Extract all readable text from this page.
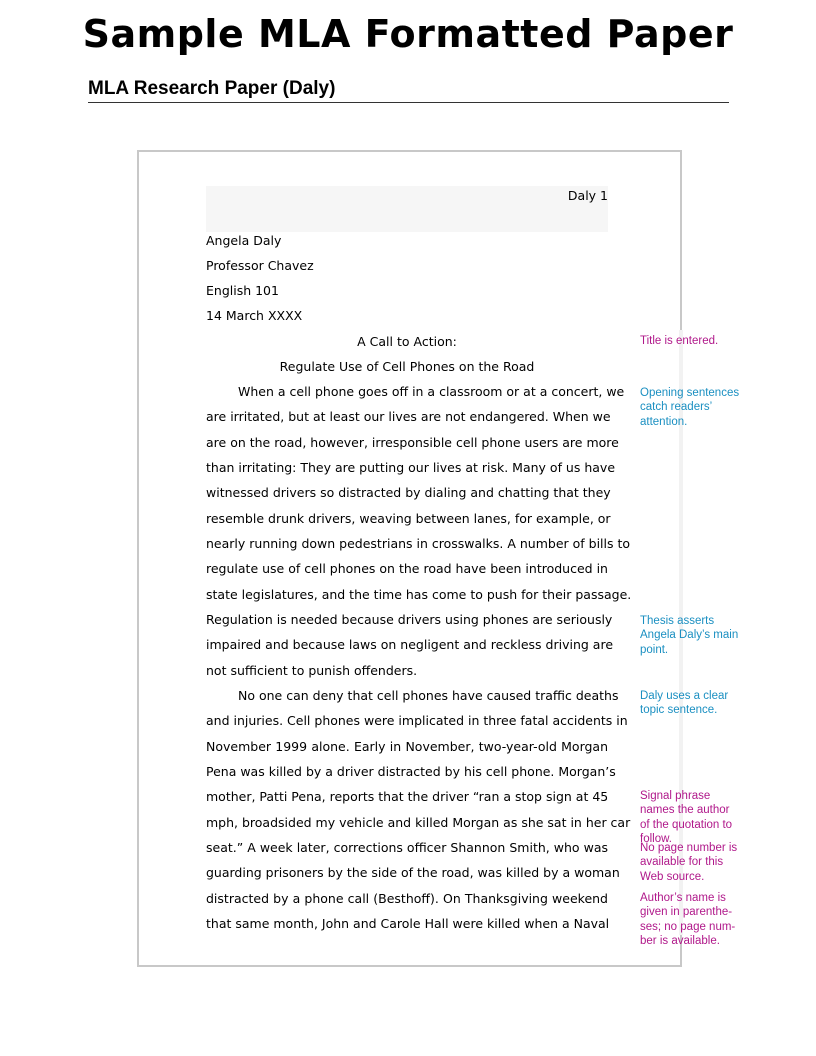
Sample MLA Formatted Paper
MLA Research Paper (Daly)
Daly 1
Angela Daly
Professor Chavez
English 101
14 March XXXX
A Call to Action:
Regulate Use of Cell Phones on the Road
When a cell phone goes off in a classroom or at a concert, we
are irritated, but at least our lives are not endangered. When we
are on the road, however, irresponsible cell phone users are more
than irritating: They are putting our lives at risk. Many of us have
witnessed drivers so distracted by dialing and chatting that they
resemble drunk drivers, weaving between lanes, for example, or
nearly running down pedestrians in crosswalks. A number of bills to
regulate use of cell phones on the road have been introduced in
state legislatures, and the time has come to push for their passage.
Regulation is needed because drivers using phones are seriously
impaired and because laws on negligent and reckless driving are
not sufficient to punish offenders.
No one can deny that cell phones have caused traffic deaths
and injuries. Cell phones were implicated in three fatal accidents in
November 1999 alone. Early in November, two-year-old Morgan
Pena was killed by a driver distracted by his cell phone. Morgan’s
mother, Patti Pena, reports that the driver “ran a stop sign at 45
mph, broadsided my vehicle and killed Morgan as she sat in her car
seat.” A week later, corrections officer Shannon Smith, who was
guarding prisoners by the side of the road, was killed by a woman
distracted by a phone call (Besthoff). On Thanksgiving weekend
that same month, John and Carole Hall were killed when a Naval
Title is entered.
Opening sentences catch readers’ attention.
Thesis asserts Angela Daly’s main point.
Daly uses a clear topic sentence.
Signal phrase names the author of the quotation to follow.
No page number is available for this Web source.
Author’s name is given in parenthe-ses; no page num-ber is available.
